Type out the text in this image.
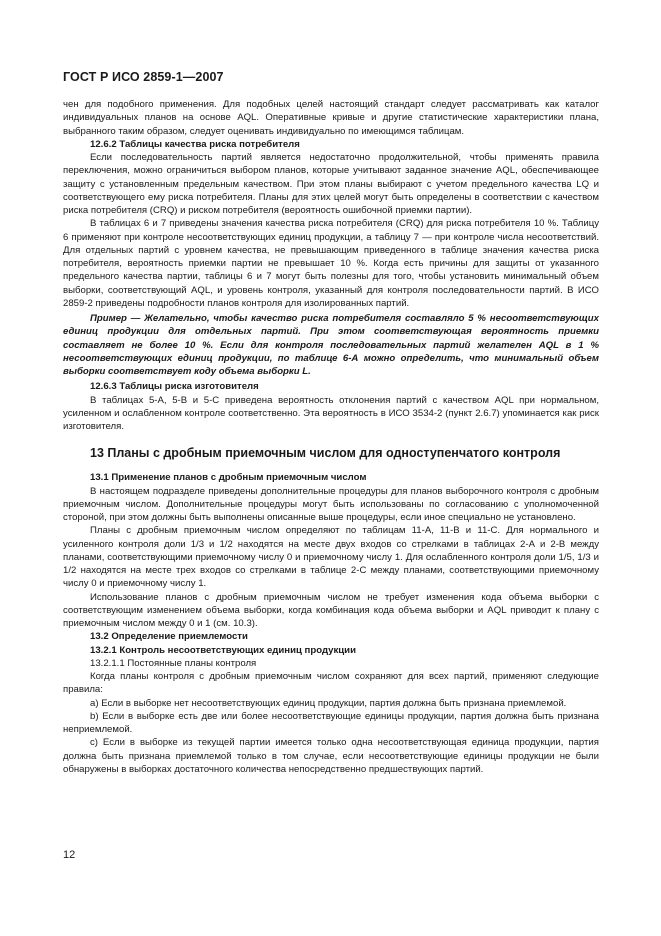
ГОСТ Р ИСО 2859-1—2007

чен для подобного применения. Для подобных целей настоящий стандарт следует рассматривать как каталог индивидуальных планов на основе AQL. Оперативные кривые и другие статистические характеристики плана, выбранного таким образом, следует оценивать индивидуально по имеющимся таблицам.

12.6.2 Таблицы качества риска потребителя

Если последовательность партий является недостаточно продолжительной, чтобы применять правила переключения, можно ограничиться выбором планов, которые учитывают заданное значение AQL, обеспечивающее защиту с установленным предельным качеством. При этом планы выбирают с учетом предельного качества LQ и соответствующего ему риска потребителя. Планы для этих целей могут быть определены в соответствии с качеством риска потребителя (CRQ) и риском потребителя (вероятность ошибочной приемки партии).

В таблицах 6 и 7 приведены значения качества риска потребителя (CRQ) для риска потребителя 10 %. Таблицу 6 применяют при контроле несоответствующих единиц продукции, а таблицу 7 — при контроле числа несоответствий. Для отдельных партий с уровнем качества, не превышающим приведенного в таблице значения качества риска потребителя, вероятность приемки партии не превышает 10 %. Когда есть причины для защиты от указанного предельного качества партии, таблицы 6 и 7 могут быть полезны для того, чтобы установить минимальный объем выборки, соответствующий AQL, и уровень контроля, указанный для контроля последовательности партий. В ИСО 2859-2 приведены подробности планов контроля для изолированных партий.

Пример — Желательно, чтобы качество риска потребителя составляло 5 % несоответствующих единиц продукции для отдельных партий. При этом соответствующая вероятность приемки составляет не более 10 %. Если для контроля последовательных партий желателен AQL в 1 % несоответствующих единиц продукции, по таблице 6-А можно определить, что минимальный объем выборки соответствует коду объема выборки L.

12.6.3 Таблицы риска изготовителя

В таблицах 5-А, 5-В и 5-С приведена вероятность отклонения партий с качеством AQL при нормальном, усиленном и ослабленном контроле соответственно. Эта вероятность в ИСО 3534-2 (пункт 2.6.7) упоминается как риск изготовителя.

13 Планы с дробным приемочным числом для одноступенчатого контроля

13.1 Применение планов с дробным приемочным числом

В настоящем подразделе приведены дополнительные процедуры для планов выборочного контроля с дробным приемочным числом. Дополнительные процедуры могут быть использованы по согласованию с уполномоченной стороной, при этом должны быть выполнены описанные выше процедуры, если иное специально не установлено.

Планы с дробным приемочным числом определяют по таблицам 11-А, 11-В и 11-С. Для нормального и усиленного контроля доли 1/3 и 1/2 находятся на месте двух входов со стрелками в таблицах 2-А и 2-В между планами, соответствующими приемочному числу 0 и приемочному числу 1. Для ослабленного контроля доли 1/5, 1/3 и 1/2 находятся на месте трех входов со стрелками в таблице 2-С между планами, соответствующими приемочному числу 0 и приемочному числу 1.

Использование планов с дробным приемочным числом не требует изменения кода объема выборки с соответствующим изменением объема выборки, когда комбинация кода объема выборки и AQL приводит к плану с приемочным числом между 0 и 1 (см. 10.3).

13.2 Определение приемлемости

13.2.1 Контроль несоответствующих единиц продукции

13.2.1.1 Постоянные планы контроля

Когда планы контроля с дробным приемочным числом сохраняют для всех партий, применяют следующие правила:

a) Если в выборке нет несоответствующих единиц продукции, партия должна быть признана приемлемой.

b) Если в выборке есть две или более несоответствующие единицы продукции, партия должна быть признана неприемлемой.

c) Если в выборке из текущей партии имеется только одна несоответствующая единица продукции, партия должна быть признана приемлемой только в том случае, если несоответствующие единицы продукции не были обнаружены в выборках достаточного количества непосредственно предшествующих партий.

12
